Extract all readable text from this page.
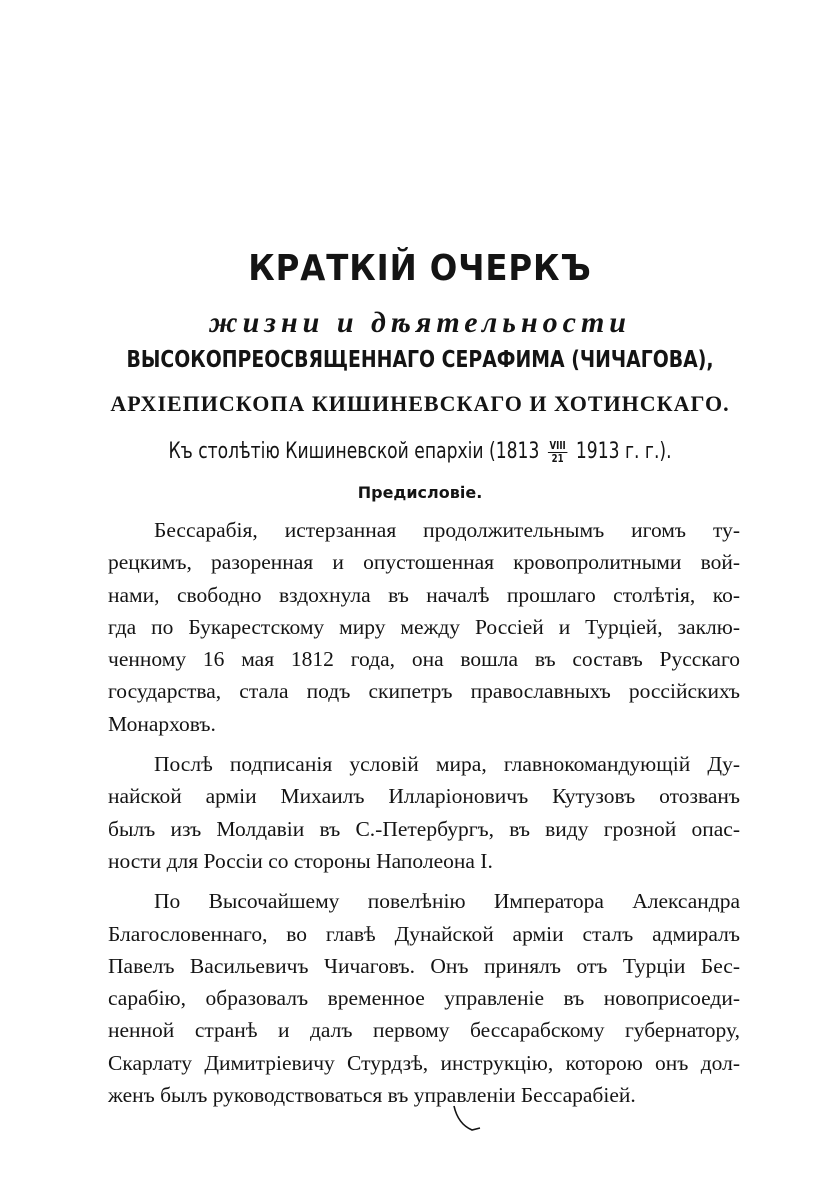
КРАТКІЙ ОЧЕРКЪ
жизни и дѣятельности
ВЫСОКОПРЕОСВЯЩЕННАГО СЕРАФИМА (ЧИЧАГОВА),
АРХІЕПИСКОПА КИШИНЕВСКАГО И ХОТИНСКАГО.
Къ столѣтію Кишиневской епархіи ($1813 \frac{\text{VIII}}{21} 1913$ г. г.).
Предисловіе.
Бессарабія, истерзанная продолжительнымъ игомъ ту-
рецкимъ, разоренная и опустошенная кровопролитными вой-
нами, свободно вздохнула въ началѣ прошлаго столѣтія, ко-
гда по Букарестскому миру между Россіей и Турціей, заклю-
ченному 16 мая 1812 года, она вошла въ составъ Русскаго
государства, стала подъ скипетръ православныхъ россійскихъ
Монарховъ.
Послѣ подписанія условій мира, главнокомандующій Ду-
найской арміи Михаилъ Илларіоновичъ Кутузовъ отозванъ
былъ изъ Молдавіи въ С.-Петербургъ, въ виду грозной опас-
ности для Россіи со стороны Наполеона I.
По Высочайшему повелѣнію Императора Александра
Благословеннаго, во главѣ Дунайской арміи сталъ адмиралъ
Павелъ Васильевичъ Чичаговъ. Онъ принялъ отъ Турціи Бес-
сарабію, образовалъ временное управленіе въ новоприсоеди-
ненной странѣ и далъ первому бессарабскому губернатору,
Скарлату Димитріевичу Стурдзѣ, инструкцію, которою онъ дол-
женъ былъ руководствоваться въ управленіи Бессарабіей.
